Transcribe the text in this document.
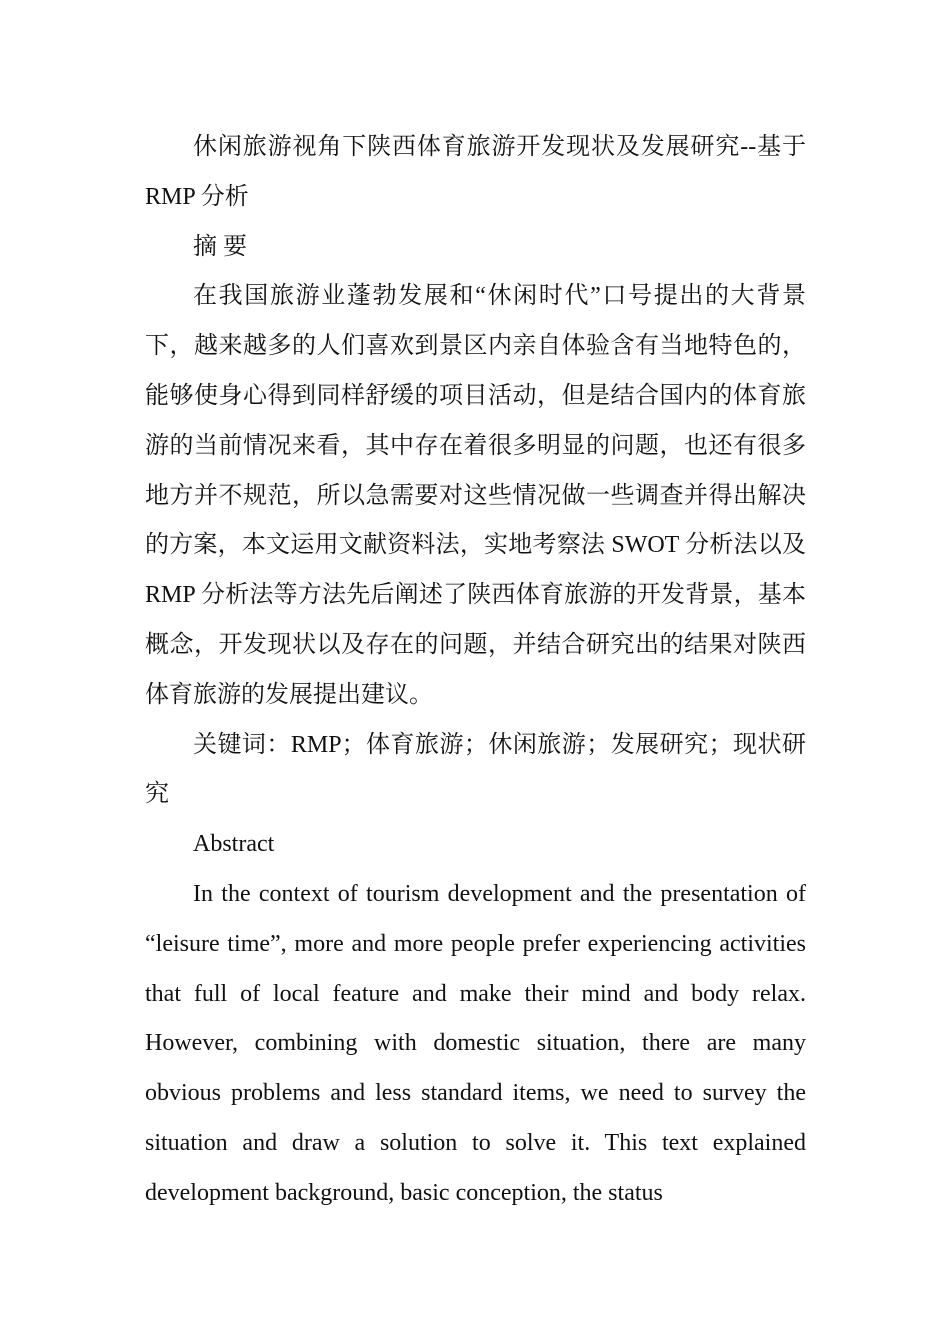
休闲旅游视角下陕西体育旅游开发现状及发展研究--基于 RMP 分析

摘 要

在我国旅游业蓬勃发展和“休闲时代”口号提出的大背景下，越来越多的人们喜欢到景区内亲自体验含有当地特色的，能够使身心得到同样舒缓的项目活动，但是结合国内的体育旅游的当前情况来看，其中存在着很多明显的问题，也还有很多地方并不规范，所以急需要对这些情况做一些调查并得出解决的方案，本文运用文献资料法，实地考察法 SWOT 分析法以及 RMP 分析法等方法先后阐述了陕西体育旅游的开发背景，基本概念，开发现状以及存在的问题，并结合研究出的结果对陕西体育旅游的发展提出建议。

关键词：RMP；体育旅游；休闲旅游；发展研究；现状研究

Abstract

In the context of tourism development and the presentation of “leisure time”, more and more people prefer experiencing activities that full of local feature and make their mind and body relax. However, combining with domestic situation, there are many obvious problems and less standard items, we need to survey the situation and draw a solution to solve it. This text explained development background, basic conception, the status
